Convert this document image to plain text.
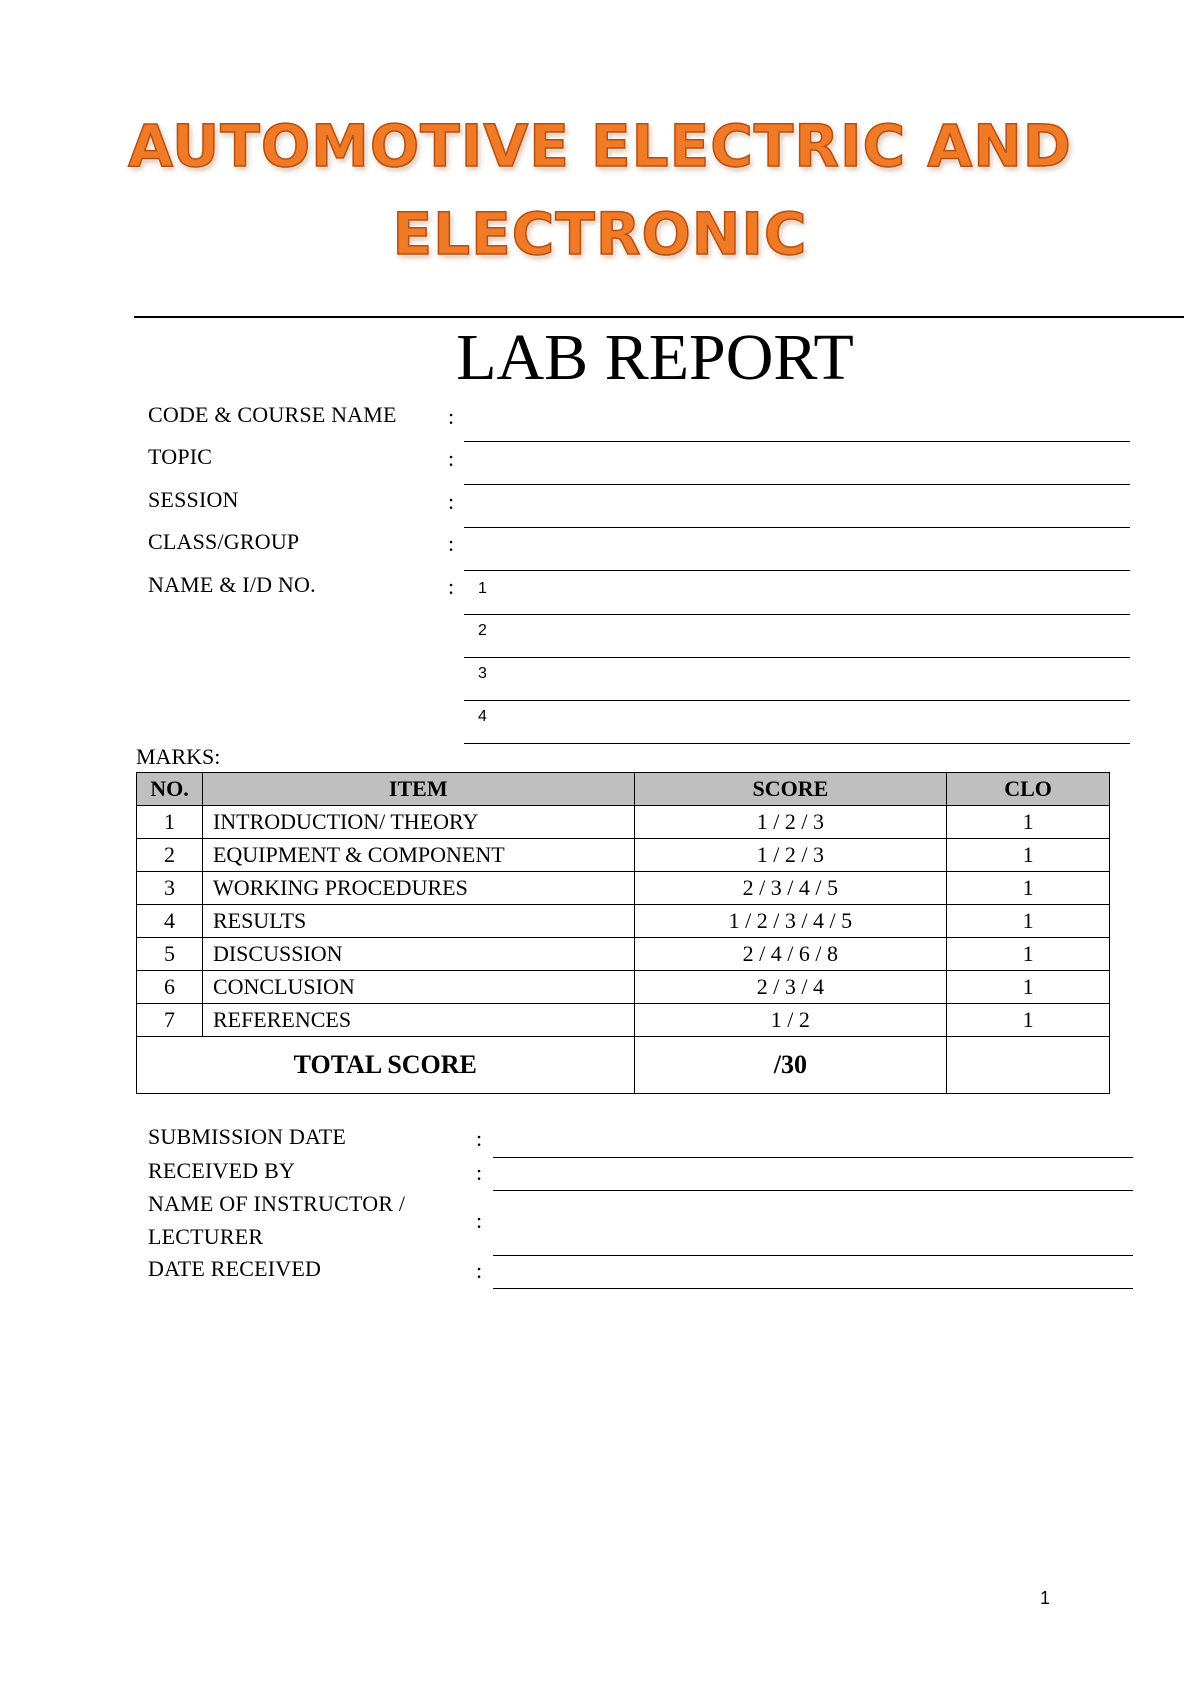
AUTOMOTIVE ELECTRIC AND
ELECTRONIC
LAB REPORT
CODE & COURSE NAME :
TOPIC	:
SESSION	:
CLASS/GROUP	:
NAME & I/D NO.	: 1
2
3
4
MARKS:
NO.	ITEM	SCORE	CLO
1	INTRODUCTION/ THEORY	1 / 2 / 3	1
2	EQUIPMENT & COMPONENT	1 / 2 / 3	1
3	WORKING PROCEDURES	2 / 3 / 4 / 5	1
4	RESULTS	1 / 2 / 3 / 4 / 5	1
5	DISCUSSION	2 / 4 / 6 / 8	1
6	CONCLUSION	2 / 3 / 4	1
7	REFERENCES	1 / 2	1
TOTAL SCORE		/30	
SUBMISSION DATE	:
RECEIVED BY	:
NAME OF INSTRUCTOR /
LECTURER
:
DATE RECEIVED	:
1
